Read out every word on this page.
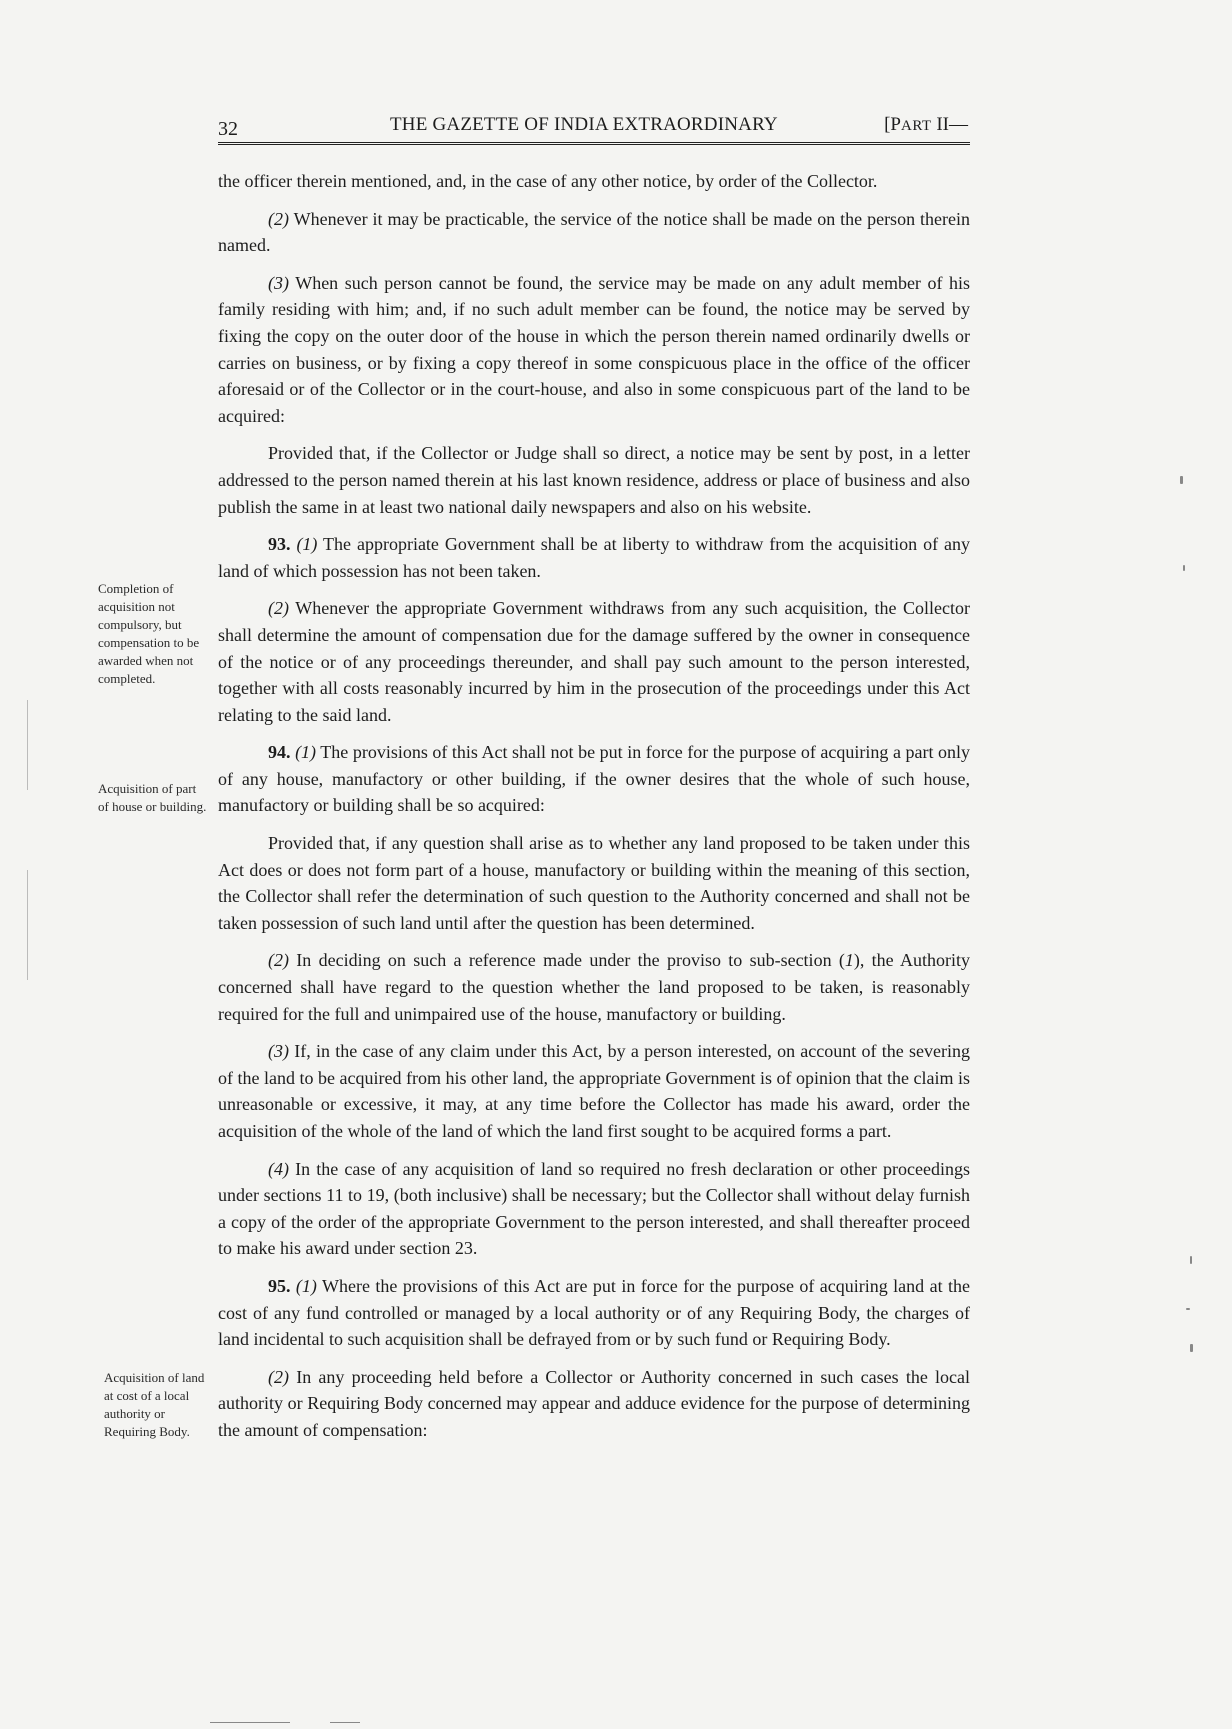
32	THE GAZETTE OF INDIA EXTRAORDINARY	[PART II—
Completion of acquisition not compulsory, but compensation to be awarded when not completed.
Acquisition of part of house or building.
Acquisition of land at cost of a local authority or Requiring Body.

the officer therein mentioned, and, in the case of any other notice, by order of the Collector.

(2) Whenever it may be practicable, the service of the notice shall be made on the person therein named.

(3) When such person cannot be found, the service may be made on any adult member of his family residing with him; and, if no such adult member can be found, the notice may be served by fixing the copy on the outer door of the house in which the person therein named ordinarily dwells or carries on business, or by fixing a copy thereof in some conspicuous place in the office of the officer aforesaid or of the Collector or in the court-house, and also in some conspicuous part of the land to be acquired:

Provided that, if the Collector or Judge shall so direct, a notice may be sent by post, in a letter addressed to the person named therein at his last known residence, address or place of business and also publish the same in at least two national daily newspapers and also on his website.

93. (1) The appropriate Government shall be at liberty to withdraw from the acquisition of any land of which possession has not been taken.

(2) Whenever the appropriate Government withdraws from any such acquisition, the Collector shall determine the amount of compensation due for the damage suffered by the owner in consequence of the notice or of any proceedings thereunder, and shall pay such amount to the person interested, together with all costs reasonably incurred by him in the prosecution of the proceedings under this Act relating to the said land.

94. (1) The provisions of this Act shall not be put in force for the purpose of acquiring a part only of any house, manufactory or other building, if the owner desires that the whole of such house, manufactory or building shall be so acquired:

Provided that, if any question shall arise as to whether any land proposed to be taken under this Act does or does not form part of a house, manufactory or building within the meaning of this section, the Collector shall refer the determination of such question to the Authority concerned and shall not be taken possession of such land until after the question has been determined.

(2) In deciding on such a reference made under the proviso to sub-section (1), the Authority concerned shall have regard to the question whether the land proposed to be taken, is reasonably required for the full and unimpaired use of the house, manufactory or building.

(3) If, in the case of any claim under this Act, by a person interested, on account of the severing of the land to be acquired from his other land, the appropriate Government is of opinion that the claim is unreasonable or excessive, it may, at any time before the Collector has made his award, order the acquisition of the whole of the land of which the land first sought to be acquired forms a part.

(4) In the case of any acquisition of land so required no fresh declaration or other proceedings under sections 11 to 19, (both inclusive) shall be necessary; but the Collector shall without delay furnish a copy of the order of the appropriate Government to the person interested, and shall thereafter proceed to make his award under section 23.

95. (1) Where the provisions of this Act are put in force for the purpose of acquiring land at the cost of any fund controlled or managed by a local authority or of any Requiring Body, the charges of land incidental to such acquisition shall be defrayed from or by such fund or Requiring Body.

(2) In any proceeding held before a Collector or Authority concerned in such cases the local authority or Requiring Body concerned may appear and adduce evidence for the purpose of determining the amount of compensation:
